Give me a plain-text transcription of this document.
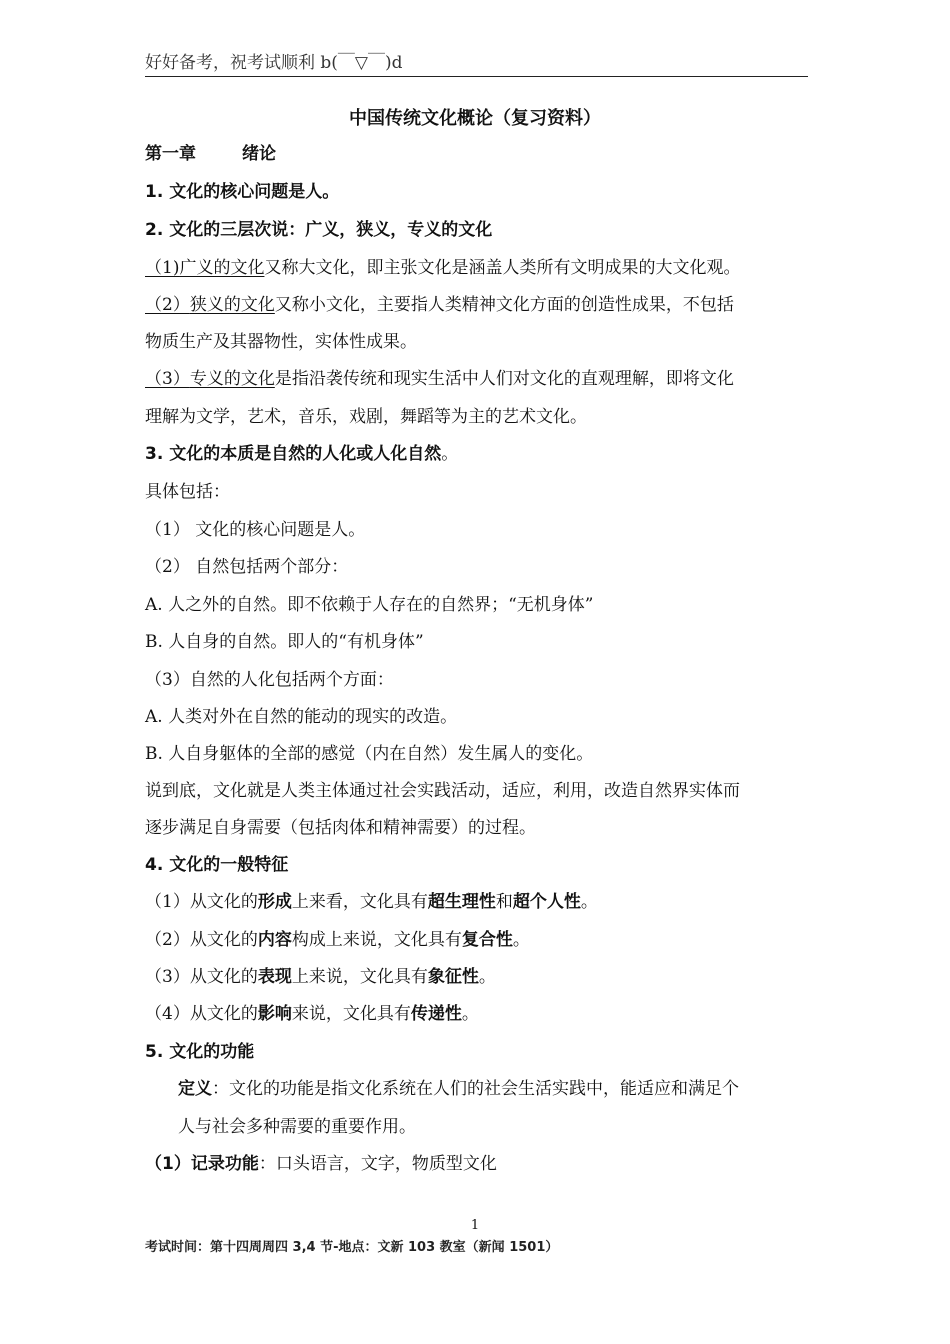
好好备考，祝考试顺利 b(￣▽￣)d
中国传统文化概论（复习资料）
第一章	绪论
1. 文化的核心问题是人。
2. 文化的三层次说：广义，狭义，专义的文化
（1)广义的文化又称大文化，即主张文化是涵盖人类所有文明成果的大文化观。
（2）狭义的文化又称小文化，主要指人类精神文化方面的创造性成果，不包括
物质生产及其器物性，实体性成果。
（3）专义的文化是指沿袭传统和现实生活中人们对文化的直观理解，即将文化
理解为文学，艺术，音乐，戏剧，舞蹈等为主的艺术文化。
3. 文化的本质是自然的人化或人化自然。
具体包括：
（1） 文化的核心问题是人。
（2） 自然包括两个部分：
A. 人之外的自然。即不依赖于人存在的自然界；“无机身体”
B. 人自身的自然。即人的“有机身体”
（3）自然的人化包括两个方面：
A. 人类对外在自然的能动的现实的改造。
B. 人自身躯体的全部的感觉（内在自然）发生属人的变化。
说到底，文化就是人类主体通过社会实践活动，适应，利用，改造自然界实体而
逐步满足自身需要（包括肉体和精神需要）的过程。
4. 文化的一般特征
（1）从文化的形成上来看，文化具有超生理性和超个人性。
（2）从文化的内容构成上来说，文化具有复合性。
（3）从文化的表现上来说，文化具有象征性。
（4）从文化的影响来说，文化具有传递性。
5. 文化的功能
定义：文化的功能是指文化系统在人们的社会生活实践中，能适应和满足个
人与社会多种需要的重要作用。
（1）记录功能：口头语言，文字，物质型文化
1
考试时间：第十四周周四 3,4 节-地点：文新 103 教室（新闻 1501）
